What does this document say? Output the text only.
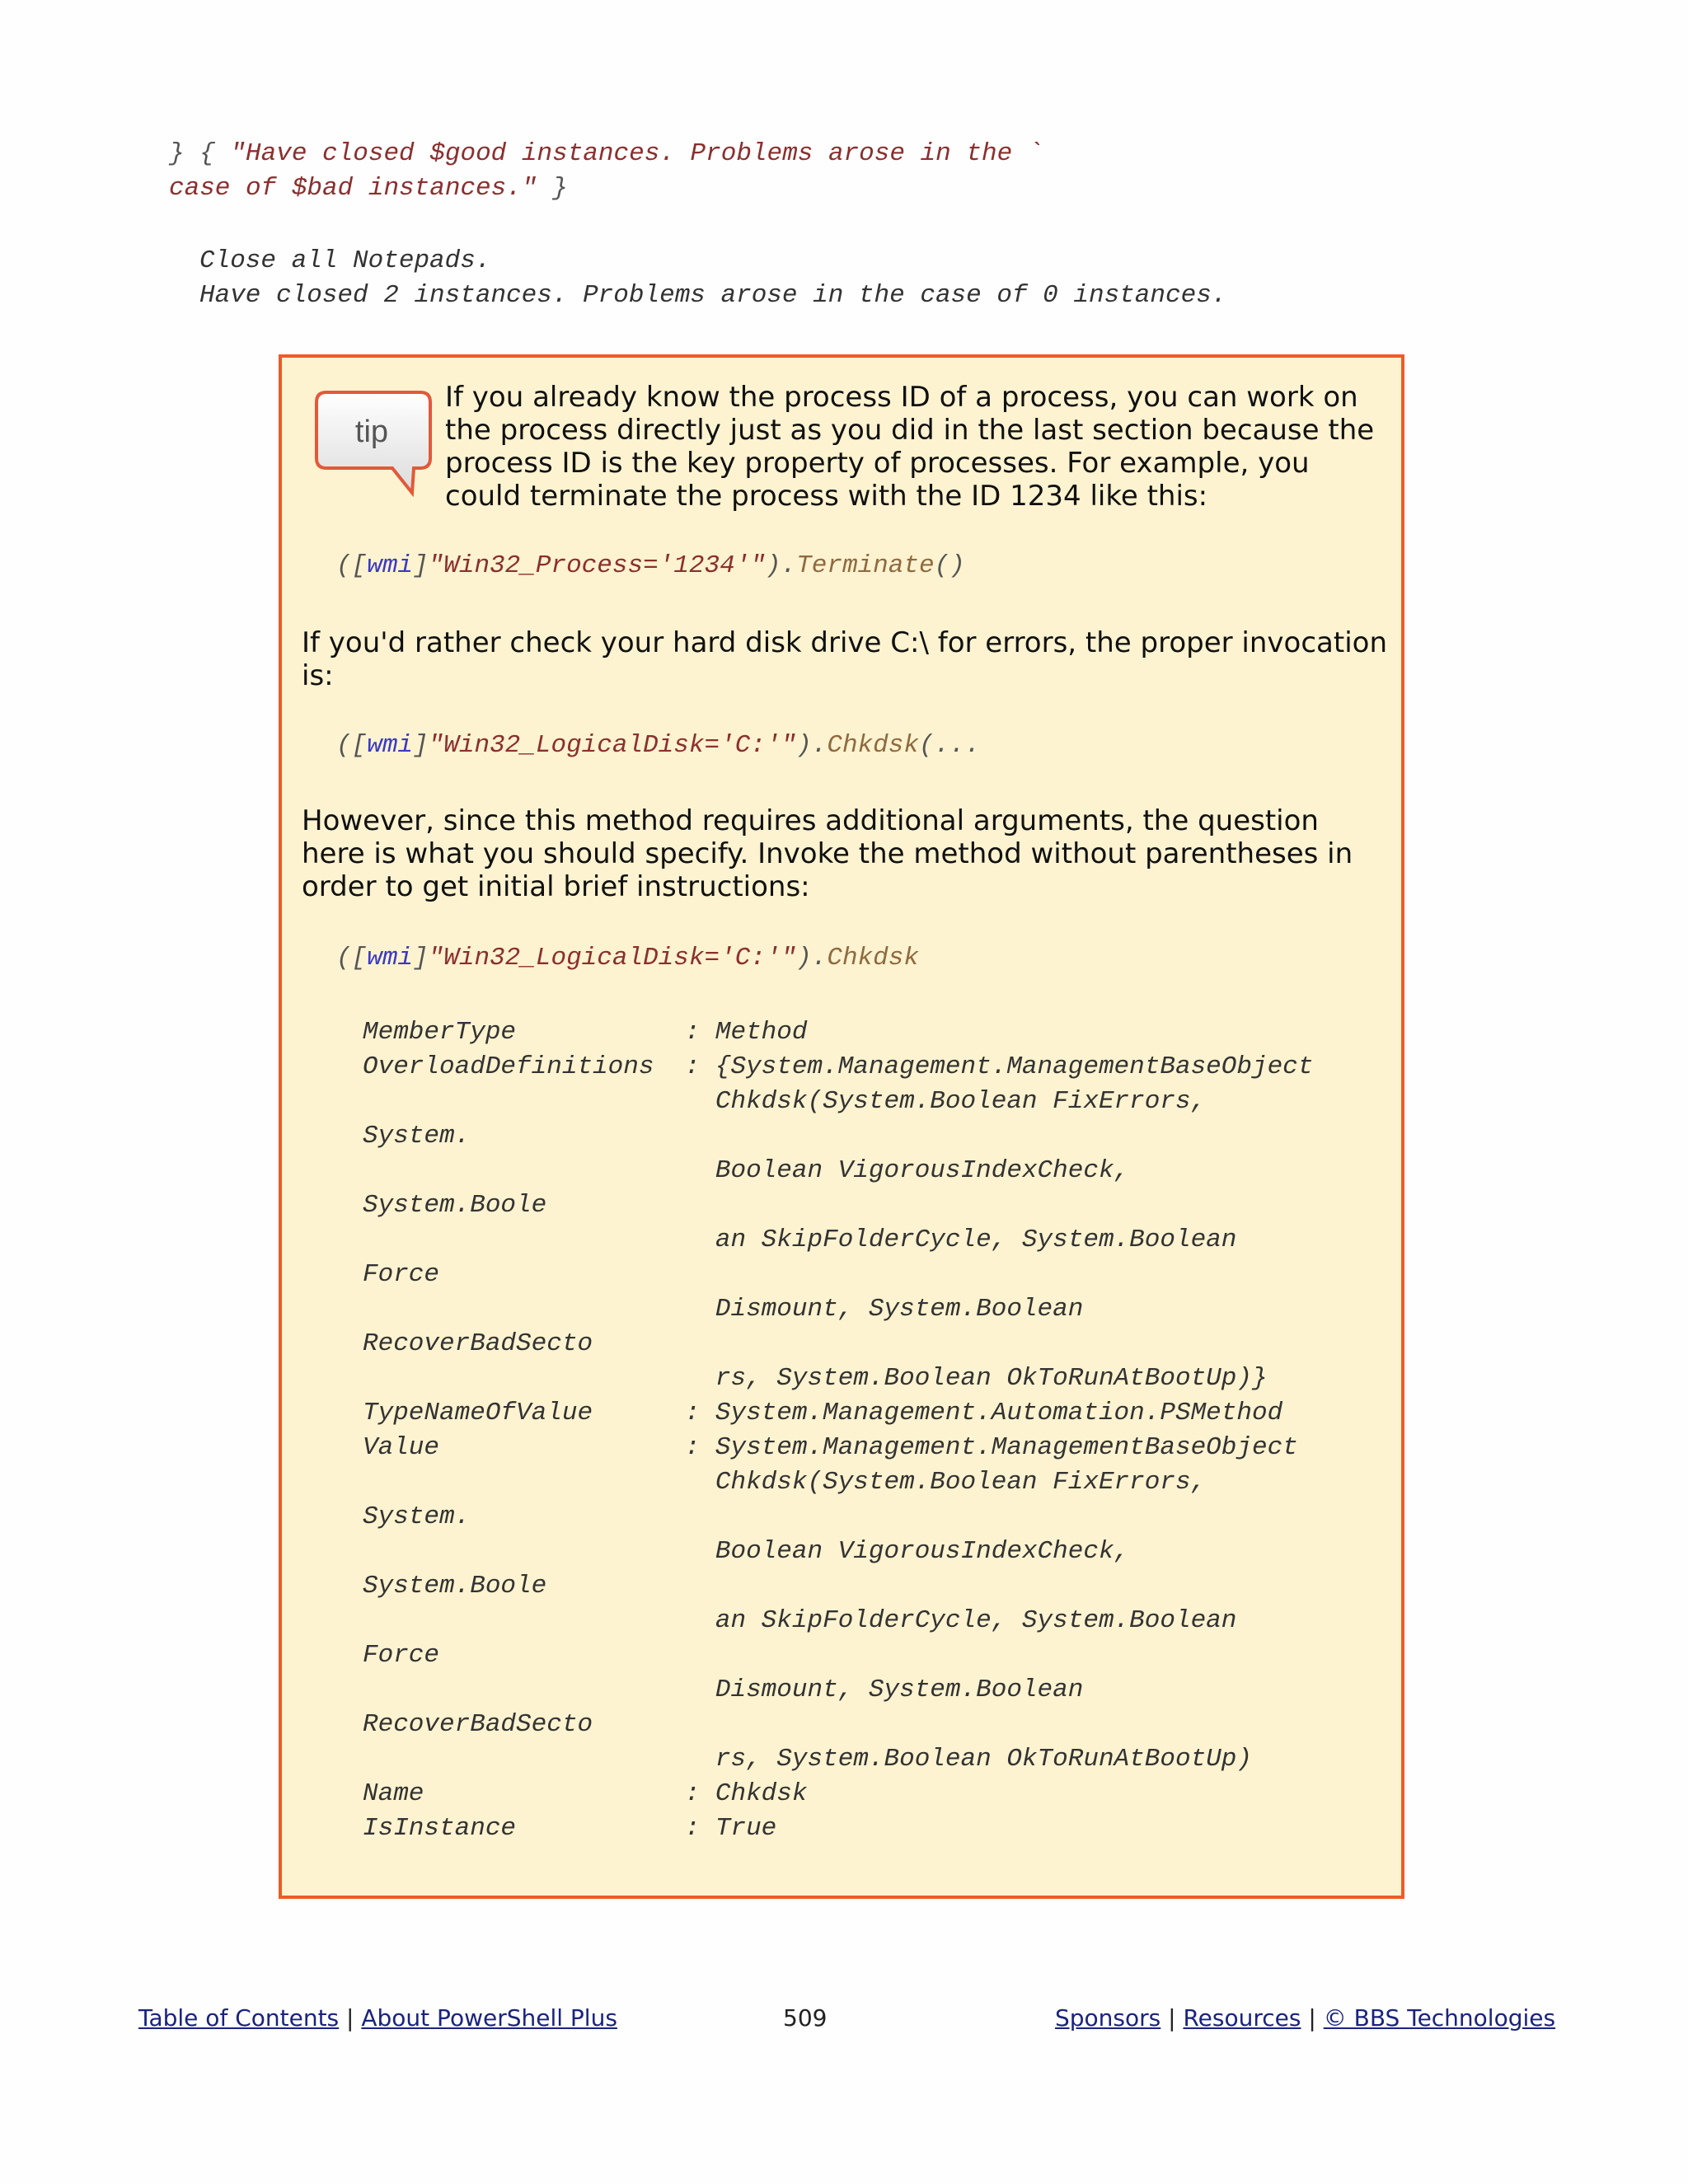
} { "Have closed $good instances. Problems arose in the `
case of $bad instances." }
Close all Notepads.
Have closed 2 instances. Problems arose in the case of 0 instances.
tip

If you already know the process ID of a process, you can work on the process directly just as you did in the last section because the process ID is the key property of processes. For example, you could terminate the process with the ID 1234 like this:

([wmi]"Win32_Process='1234'").Terminate()

If you'd rather check your hard disk drive C:\ for errors, the proper invocation is:

([wmi]"Win32_LogicalDisk='C:'").Chkdsk(...

However, since this method requires additional arguments, the question here is what you should specify. Invoke the method without parentheses in order to get initial brief instructions:

([wmi]"Win32_LogicalDisk='C:'").Chkdsk
MemberType           : Method
OverloadDefinitions  : {System.Management.ManagementBaseObject
Chkdsk(System.Boolean FixErrors,
System.
Boolean VigorousIndexCheck,
System.Boole
an SkipFolderCycle, System.Boolean
Force
Dismount, System.Boolean
RecoverBadSecto
rs, System.Boolean OkToRunAtBootUp)}
TypeNameOfValue      : System.Management.Automation.PSMethod
Value                : System.Management.ManagementBaseObject
Chkdsk(System.Boolean FixErrors,
System.
Boolean VigorousIndexCheck,
System.Boole
an SkipFolderCycle, System.Boolean
Force
Dismount, System.Boolean
RecoverBadSecto
rs, System.Boolean OkToRunAtBootUp)
Name                 : Chkdsk
IsInstance           : True
Table of Contents | About PowerShell Plus	509	Sponsors | Resources | © BBS Technologies
